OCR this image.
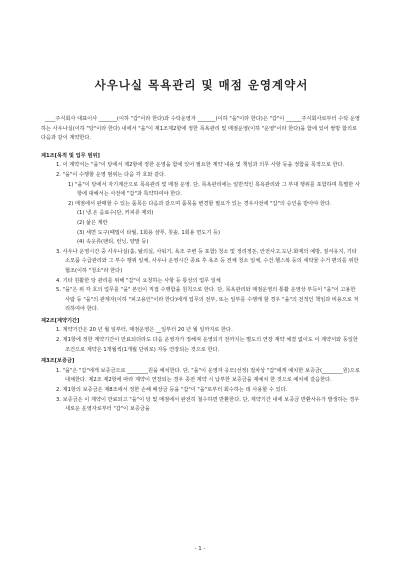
사우나실 목욕관리 및 매점 운영계약서

____주식회사 대표이사 _______(이하 "갑"이라 한다)과 수탁운영자 _______(이하 "을"이라 한다)은 "갑"이 ______주식회사로부터 수탁 운영하는 사우나실(이하 "탕"이라 한다) 내에서 "을"이 제1조제2항에 정한 목욕관리 및 매점운영(이하 "운영"이라 한다)을 함에 있어 쌍방 합의로 다음과 같이 계약한다.

제1조[목적 및 업무 범위]

1. 이 계약서는 "을"이 탕에서 제2항에 정한 운영을 함에 있어 필요한 계약 내용 및 책임과 의무 사항 등을 정함을 목적으로 한다.

2. "을"이 수행할 운영 범위는 다음 각 호와 같다.

1) "을"이 탕에서 자기계산으로 목욕관리 및 매점 운영. 단, 목욕관리에는 일반적인 목욕관리와 그 부대 행위를 포함하며 특별한 사항에 대해서는 사전에 "갑"과 특약하여야 한다.

2) 매점에서 판매할 수 있는 품목은 다음과 같으며 품목을 변경할 필요가 있는 경우사전에 "갑"의 승인을 받아야 한다.

(1) 냉.온 음료수(단, 커피류 제외)

(2) 삶은 계란

(3) 세면 도구(때밀이 타월, 1회용 샴푸, 칫솔, 1회용 면도기 등)

(4) 속옷류(팬티, 런닝, 양말 등)

3. 사우나 운영시간 중 사우나실(홀, 탈의실, 사워기, 욕조 주변 등 포함) 청소 및 정리정돈, 안전사고.도난.화재의 예방, 질서유지, 기타 소모품 수급관리와 그 부수 행위 일체, 사우나 운영시간 종료 후 욕조 등 전체 청소 일체, 수건.헬스복 등의 세탁물 수거 편의를 위한 협조(이하 "청소"라 한다)

4. 기타 원활한 탕 관리를 위해 "갑"이 요청하는 사항 등 통상의 업무 일체

5. "을"은 위 각 호의 업무를 "을" 본인이 직접 수행함을 원칙으로 한다. 단, 목욕관리와 매점운영의 통활 운영상 부득이 "을"이 고용한 사람 등 "을"의 관계자(이하 "피고용인"이라 한다)에게 업무의 전부, 또는 일부를 수행케 할 경우 "을"의 전적인 책임과 비용으로 처리하여야 한다.

제2조[계약기간]

1. 계약기간은 20 년 월 일부터, 매점운영은 __일부터 20 년 월 일까지로 한다.

2. 제1항에 정한 계약기간이 만료되더라도 다음 운영자가 정해져 운영되기 전까지는 별도의 연장 계약 체결 없이도 이 계약서와 동일한 조건으로 계약은 1개월씩(1개월 단위로) 자동 연장되는 것으로 한다.

제3조[보증금]

1. "을"은 "갑"에게 보증금으로 ________원을 예치한다. 단, "을"이 운영자 응모(선정) 절차상 "갑"에게 예치한 보증금(________원)으로 대체한다. 제2조 제2항에 따라 계약이 연장되는 경우 종전 계약 시 납부한 보증금을 재예치 한 것으로 예치에 갈음한다.

2. 제1항의 보증금은 제8조에서 정한 손해 배상금 등을 "갑"이 "을"로부터 회수하는 데 사용할 수 있다.

3. 보증금은 이 계약이 만료되고 "을"이 탕 및 매점에서 완전히 철수하면 반환한다. 단, 계약기간 내에 보증금 반환사유가 발생하는 경우 새로운 운영자로부터 "갑"이 보증금을

- 1 -
